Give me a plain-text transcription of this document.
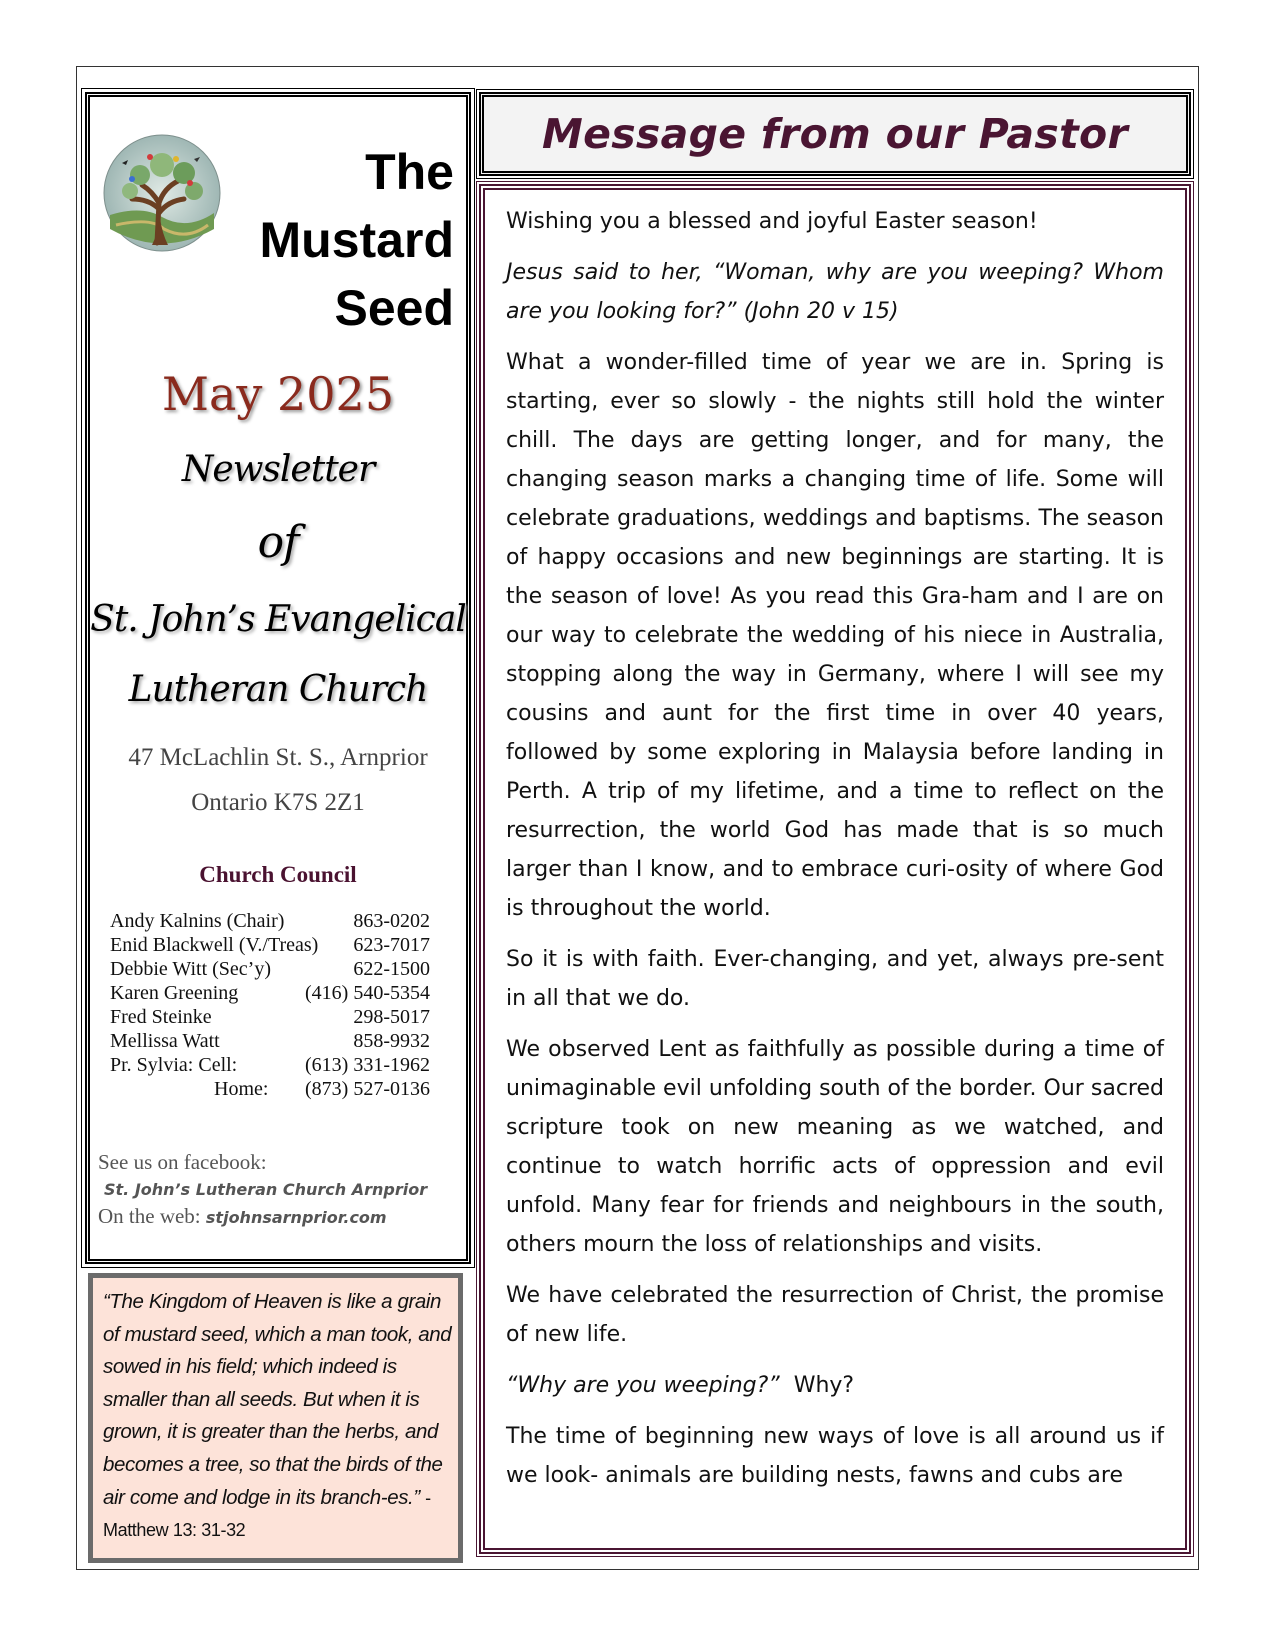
The
Mustard
Seed
May 2025
Newsletter
of
St. John’s Evangelical
Lutheran Church
47 McLachlin St. S., Arnprior
Ontario K7S 2Z1
Church Council
Andy Kalnins (Chair)	863-0202
Enid Blackwell (V./Treas) 623-7017
Debbie Witt (Sec’y)	622-1500
Karen Greening	(416) 540-5354
Fred Steinke	298-5017
Mellissa Watt	858-9932
Pr. Sylvia: Cell:	(613) 331-1962
Home: (873) 527-0136
See us on facebook:
St. John’s Lutheran Church Arnprior
On the web: stjohnsarnprior.com
“The Kingdom of Heaven is like a grain of mustard seed, which a man took, and sowed in his field; which indeed is smaller than all seeds. But when it is grown, it is greater than the herbs, and becomes a tree, so that the birds of the air come and lodge in its branch-es.” - Matthew 13: 31-32
Message from our Pastor

Wishing you a blessed and joyful Easter season!

Jesus said to her, “Woman, why are you weeping? Whom are you looking for?” (John 20 v 15)

What a wonder-filled time of year we are in. Spring is starting, ever so slowly - the nights still hold the winter chill. The days are getting longer, and for many, the changing season marks a changing time of life. Some will celebrate graduations, weddings and baptisms. The season of happy occasions and new beginnings are starting. It is the season of love! As you read this Gra-ham and I are on our way to celebrate the wedding of his niece in Australia, stopping along the way in Germany, where I will see my cousins and aunt for the first time in over 40 years, followed by some exploring in Malaysia before landing in Perth. A trip of my lifetime, and a time to reflect on the resurrection, the world God has made that is so much larger than I know, and to embrace curi-osity of where God is throughout the world.

So it is with faith. Ever-changing, and yet, always pre-sent in all that we do.

We observed Lent as faithfully as possible during a time of unimaginable evil unfolding south of the border. Our sacred scripture took on new meaning as we watched, and continue to watch horrific acts of oppression and evil unfold. Many fear for friends and neighbours in the south, others mourn the loss of relationships and visits.

We have celebrated the resurrection of Christ, the promise of new life.

“Why are you weeping?”  Why?

The time of beginning new ways of love is all around us if we look- animals are building nests, fawns and cubs are
